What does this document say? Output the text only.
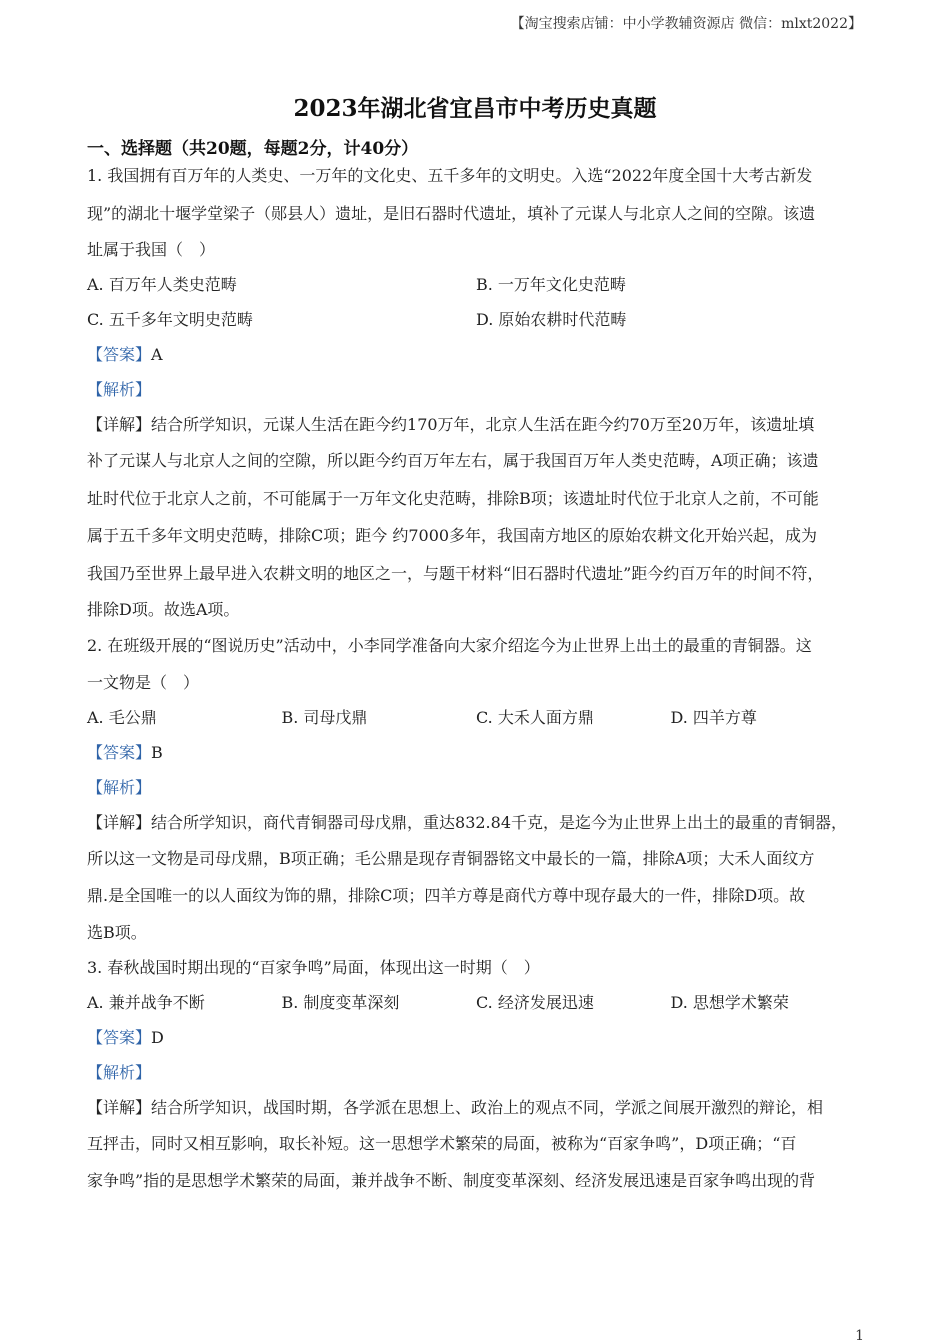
【淘宝搜索店铺：中小学教辅资源店 微信：mlxt2022】
2023年湖北省宜昌市中考历史真题
一、选择题（共20题，每题2分，计40分）
1. 我国拥有百万年的人类史、一万年的文化史、五千多年的文明史。入选“2022年度全国十大考古新发
现”的湖北十堰学堂梁子（郧县人）遗址，是旧石器时代遗址，填补了元谋人与北京人之间的空隙。该遗
址属于我国（　）
A. 百万年人类史范畴	B. 一万年文化史范畴
C. 五千多年文明史范畴	D. 原始农耕时代范畴
【答案】A
【解析】
【详解】结合所学知识，元谋人生活在距今约170万年，北京人生活在距今约70万至20万年，该遗址填
补了元谋人与北京人之间的空隙，所以距今约百万年左右，属于我国百万年人类史范畴，A项正确；该遗
址时代位于北京人之前，不可能属于一万年文化史范畴，排除B项；该遗址时代位于北京人之前，不可能
属于五千多年文明史范畴，排除C项；距今 约7000多年，我国南方地区的原始农耕文化开始兴起，成为
我国乃至世界上最早进入农耕文明的地区之一，与题干材料“旧石器时代遗址”距今约百万年的时间不符，
排除D项。故选A项。
2. 在班级开展的“图说历史”活动中，小李同学准备向大家介绍迄今为止世界上出土的最重的青铜器。这
一文物是（　）
A. 毛公鼎	B. 司母戊鼎	C. 大禾人面方鼎	D. 四羊方尊
【答案】B
【解析】
【详解】结合所学知识，商代青铜器司母戊鼎，重达832.84千克，是迄今为止世界上出土的最重的青铜器，
所以这一文物是司母戊鼎，B项正确；毛公鼎是现存青铜器铭文中最长的一篇，排除A项；大禾人面纹方
鼎.是全国唯一的以人面纹为饰的鼎，排除C项；四羊方尊是商代方尊中现存最大的一件，排除D项。故
选B项。
3. 春秋战国时期出现的“百家争鸣”局面，体现出这一时期（　）
A. 兼并战争不断	B. 制度变革深刻	C. 经济发展迅速	D. 思想学术繁荣
【答案】D
【解析】
【详解】结合所学知识，战国时期，各学派在思想上、政治上的观点不同，学派之间展开激烈的辩论，相
互抨击，同时又相互影响，取长补短。这一思想学术繁荣的局面，被称为“百家争鸣”，D项正确；“百
家争鸣”指的是思想学术繁荣的局面，兼并战争不断、制度变革深刻、经济发展迅速是百家争鸣出现的背
1
